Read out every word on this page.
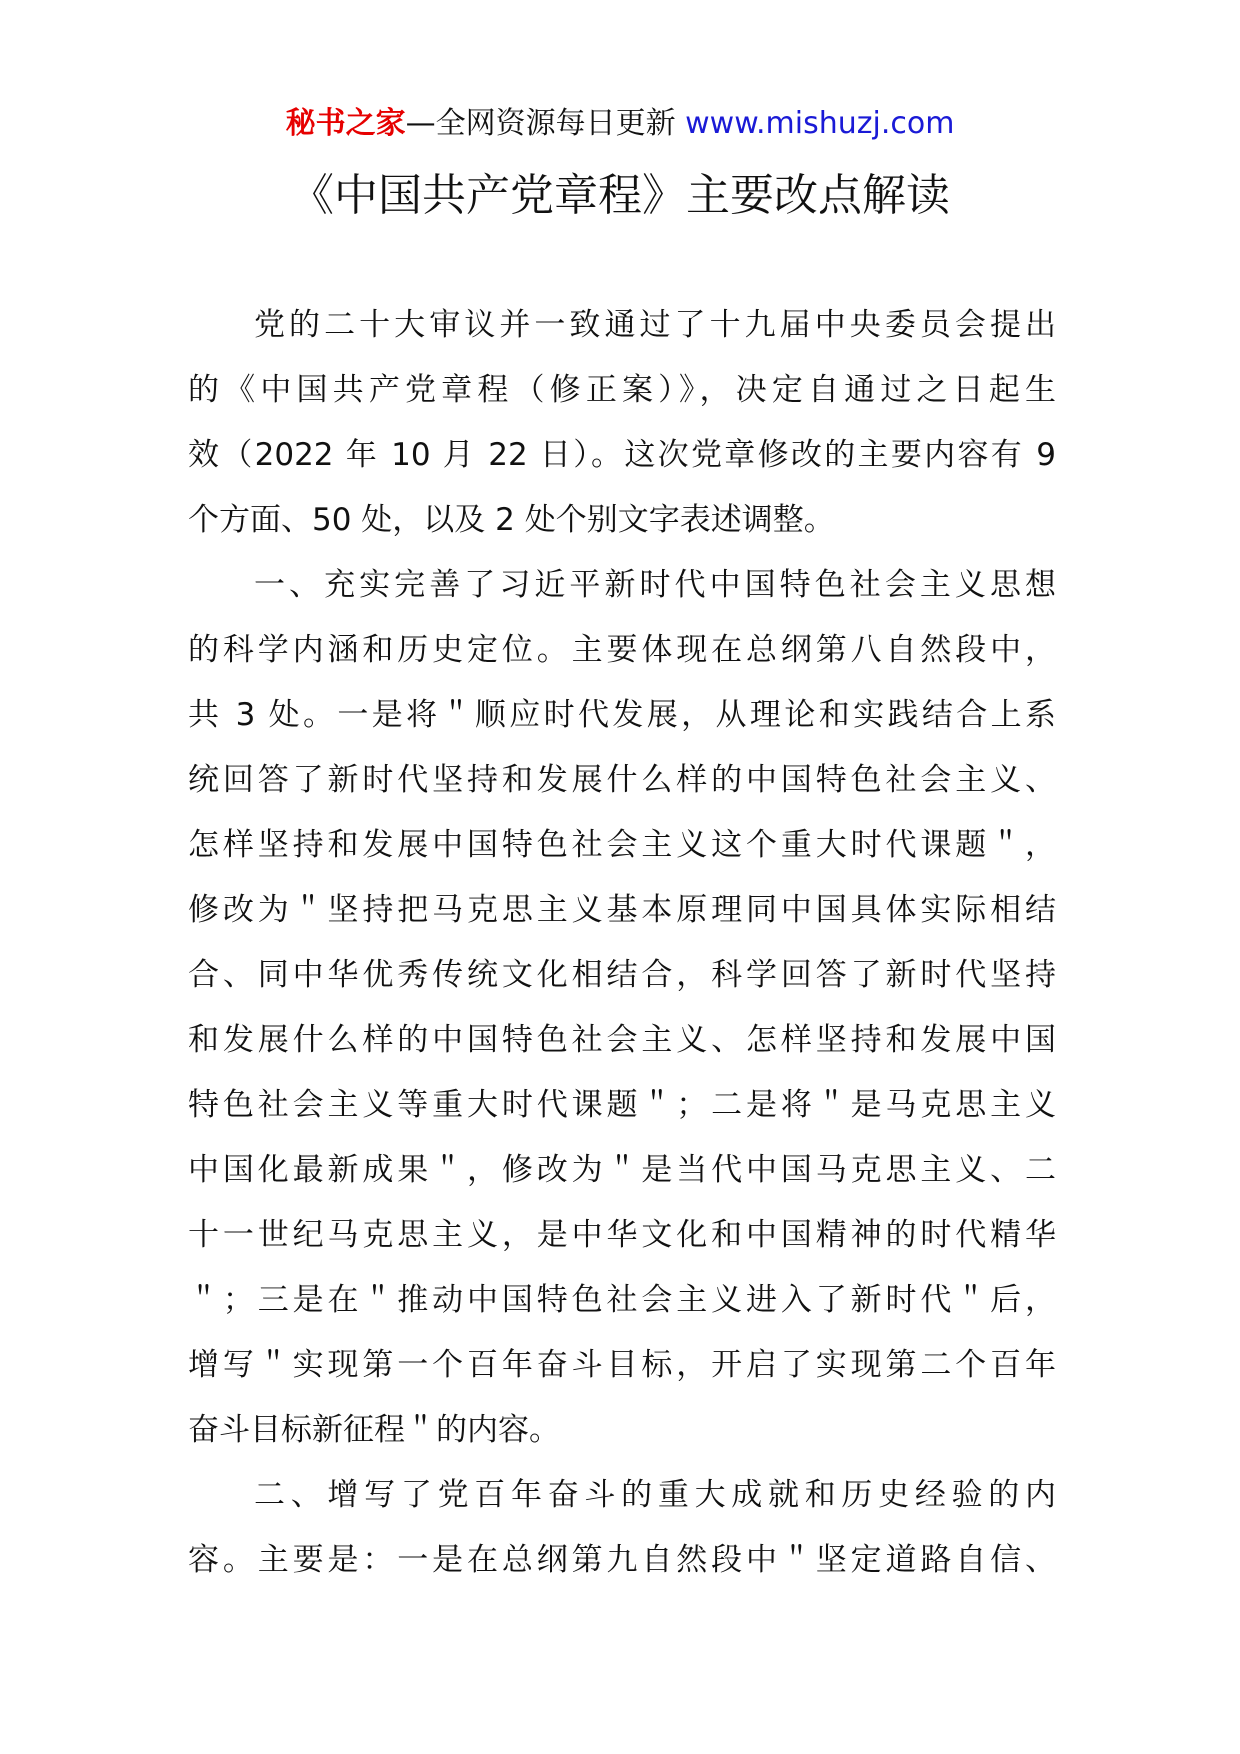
秘书之家—全网资源每日更新 www.mishuzj.com
《中国共产党章程》主要改点解读
党的二十大审议并一致通过了十九届中央委员会提出
的《中国共产党章程（修正案）》，决定自通过之日起生
效（2022 年 10 月 22 日）。这次党章修改的主要内容有 9
个方面、50 处，以及 2 处个别文字表述调整。
一、充实完善了习近平新时代中国特色社会主义思想
的科学内涵和历史定位。主要体现在总纲第八自然段中，
共 3 处。一是将＂顺应时代发展，从理论和实践结合上系
统回答了新时代坚持和发展什么样的中国特色社会主义、
怎样坚持和发展中国特色社会主义这个重大时代课题＂，
修改为＂坚持把马克思主义基本原理同中国具体实际相结
合、同中华优秀传统文化相结合，科学回答了新时代坚持
和发展什么样的中国特色社会主义、怎样坚持和发展中国
特色社会主义等重大时代课题＂；二是将＂是马克思主义
中国化最新成果＂，修改为＂是当代中国马克思主义、二
十一世纪马克思主义，是中华文化和中国精神的时代精华
＂；三是在＂推动中国特色社会主义进入了新时代＂后，
增写＂实现第一个百年奋斗目标，开启了实现第二个百年
奋斗目标新征程＂的内容。
二、增写了党百年奋斗的重大成就和历史经验的内
容。主要是：一是在总纲第九自然段中＂坚定道路自信、
